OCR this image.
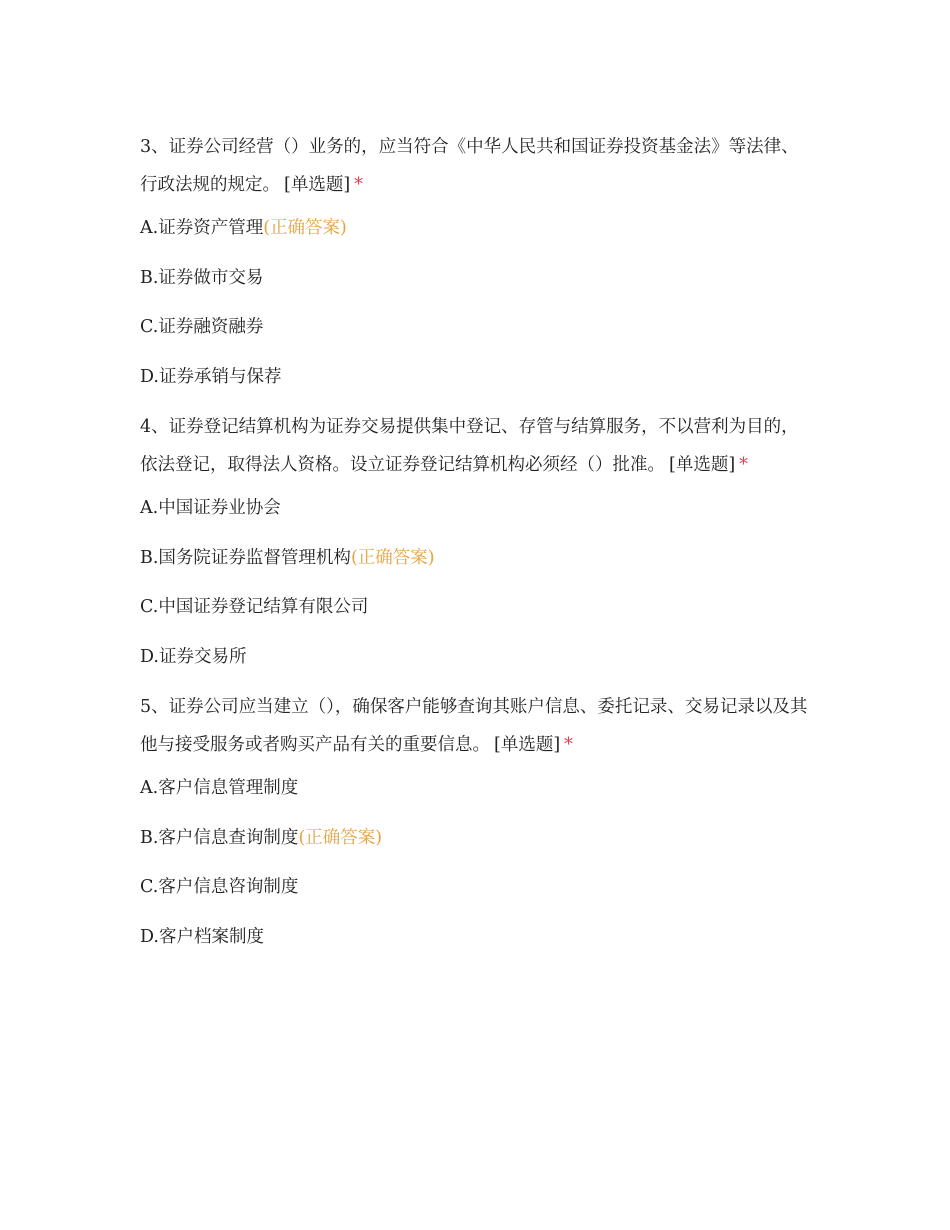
3、证券公司经营（）业务的，应当符合《中华人民共和国证券投资基金法》等法律、行政法规的规定。 [单选题] *

A.证券资产管理(正确答案)
B.证券做市交易
C.证券融资融券
D.证券承销与保荐

4、证券登记结算机构为证券交易提供集中登记、存管与结算服务，不以营利为目的，依法登记，取得法人资格。设立证券登记结算机构必须经（）批准。 [单选题] *

A.中国证券业协会
B.国务院证券监督管理机构(正确答案)
C.中国证券登记结算有限公司
D.证券交易所

5、证券公司应当建立（），确保客户能够查询其账户信息、委托记录、交易记录以及其他与接受服务或者购买产品有关的重要信息。 [单选题] *

A.客户信息管理制度
B.客户信息查询制度(正确答案)
C.客户信息咨询制度
D.客户档案制度
